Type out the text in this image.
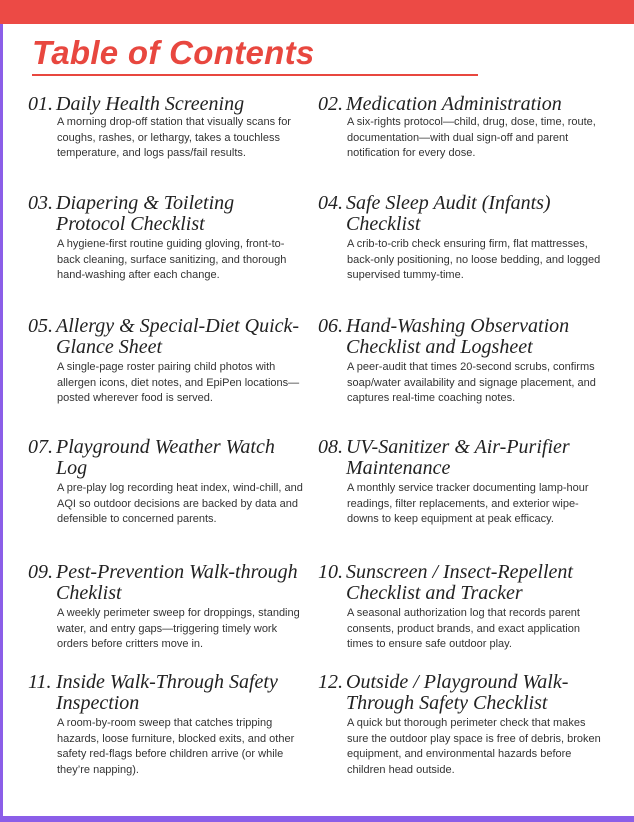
Table of Contents

01. Daily Health Screening

A morning drop-off station that visually scans for coughs, rashes, or lethargy, takes a touchless temperature, and logs pass/fail results.

02. Medication Administration

A six-rights protocol—child, drug, dose, time, route, documentation—with dual sign-off and parent notification for every dose.

03. Diapering & Toileting Protocol Checklist

A hygiene-first routine guiding gloving, front-to-back cleaning, surface sanitizing, and thorough hand-washing after each change.

04. Safe Sleep Audit (Infants) Checklist

A crib-to-crib check ensuring firm, flat mattresses, back-only positioning, no loose bedding, and logged supervised tummy-time.

05. Allergy & Special-Diet Quick-Glance Sheet

A single-page roster pairing child photos with allergen icons, diet notes, and EpiPen locations—posted wherever food is served.

06. Hand-Washing Observation Checklist and Logsheet

A peer-audit that times 20-second scrubs, confirms soap/water availability and signage placement, and captures real-time coaching notes.

07. Playground Weather Watch Log

A pre-play log recording heat index, wind-chill, and AQI so outdoor decisions are backed by data and defensible to concerned parents.

08. UV-Sanitizer & Air-Purifier Maintenance

A monthly service tracker documenting lamp-hour readings, filter replacements, and exterior wipe-downs to keep equipment at peak efficacy.

09. Pest-Prevention Walk-through Cheklist

A weekly perimeter sweep for droppings, standing water, and entry gaps—triggering timely work orders before critters move in.

10. Sunscreen / Insect-Repellent Checklist and Tracker

A seasonal authorization log that records parent consents, product brands, and exact application times to ensure safe outdoor play.

11. Inside Walk-Through Safety Inspection

A room-by-room sweep that catches tripping hazards, loose furniture, blocked exits, and other safety red-flags before children arrive (or while they’re napping).

12. Outside / Playground Walk-Through Safety Checklist

A quick but thorough perimeter check that makes sure the outdoor play space is free of debris, broken equipment, and environmental hazards before children head outside.
